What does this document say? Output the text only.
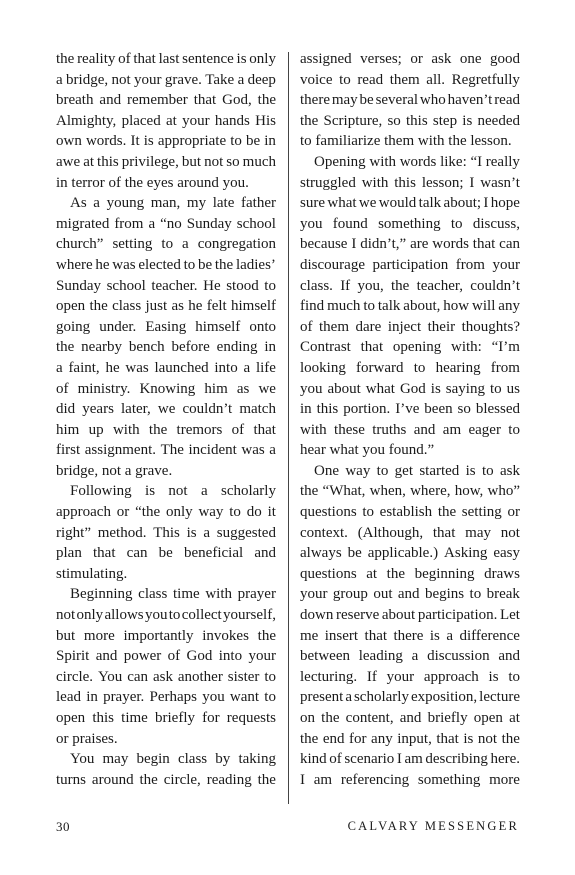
the reality of that last sentence is only
a bridge, not your grave. Take a deep
breath and remember that God, the
Almighty, placed at your hands His
own words. It is appropriate to be in
awe at this privilege, but not so much
in terror of the eyes around you.
As a young man, my late father
migrated from a “no Sunday school
church” setting to a congregation
where he was elected to be the ladies’
Sunday school teacher. He stood to
open the class just as he felt himself
going under. Easing himself onto
the nearby bench before ending in
a faint, he was launched into a life
of ministry. Knowing him as we
did years later, we couldn’t match
him up with the tremors of that
first assignment. The incident was a
bridge, not a grave.
Following is not a scholarly
approach or “the only way to do it
right” method. This is a suggested
plan that can be beneficial and
stimulating.
Beginning class time with prayer
not only allows you to collect yourself,
but more importantly invokes the
Spirit and power of God into your
circle. You can ask another sister to
lead in prayer. Perhaps you want to
open this time briefly for requests
or praises.
You may begin class by taking
turns around the circle, reading the
assigned verses; or ask one good
voice to read them all. Regretfully
there may be several who haven’t read
the Scripture, so this step is needed
to familiarize them with the lesson.
Opening with words like: “I really
struggled with this lesson; I wasn’t
sure what we would talk about; I hope
you found something to discuss,
because I didn’t,” are words that can
discourage participation from your
class. If you, the teacher, couldn’t
find much to talk about, how will any
of them dare inject their thoughts?
Contrast that opening with: “I’m
looking forward to hearing from
you about what God is saying to us
in this portion. I’ve been so blessed
with these truths and am eager to
hear what you found.”
One way to get started is to ask
the “What, when, where, how, who”
questions to establish the setting or
context. (Although, that may not
always be applicable.) Asking easy
questions at the beginning draws
your group out and begins to break
down reserve about participation. Let
me insert that there is a difference
between leading a discussion and
lecturing. If your approach is to
present a scholarly exposition, lecture
on the content, and briefly open at
the end for any input, that is not the
kind of scenario I am describing here.
I am referencing something more
30	CALVARY MESSENGER
